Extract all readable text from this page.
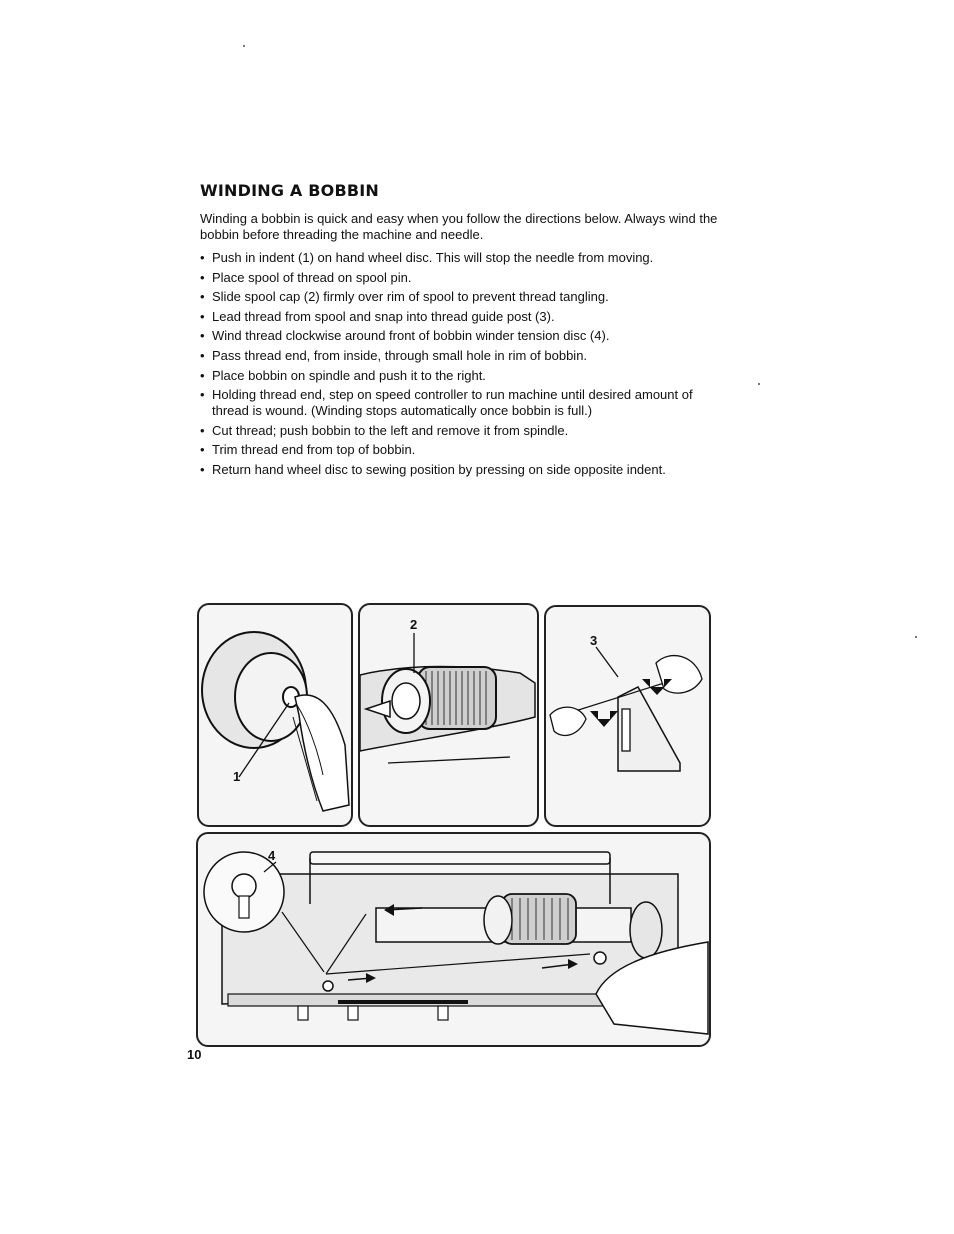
WINDING A BOBBIN

Winding a bobbin is quick and easy when you follow the directions below. Always wind the bobbin before threading the machine and needle.

• Push in indent (1) on hand wheel disc. This will stop the needle from moving.
• Place spool of thread on spool pin.
• Slide spool cap (2) firmly over rim of spool to prevent thread tangling.
• Lead thread from spool and snap into thread guide post (3).
• Wind thread clockwise around front of bobbin winder tension disc (4).
• Pass thread end, from inside, through small hole in rim of bobbin.
• Place bobbin on spindle and push it to the right.
• Holding thread end, step on speed controller to run machine until desired amount of thread is wound. (Winding stops automatically once bobbin is full.)
• Cut thread; push bobbin to the left and remove it from spindle.
• Trim thread end from top of bobbin.
• Return hand wheel disc to sewing position by pressing on side opposite indent.
1
2
3
4
10
